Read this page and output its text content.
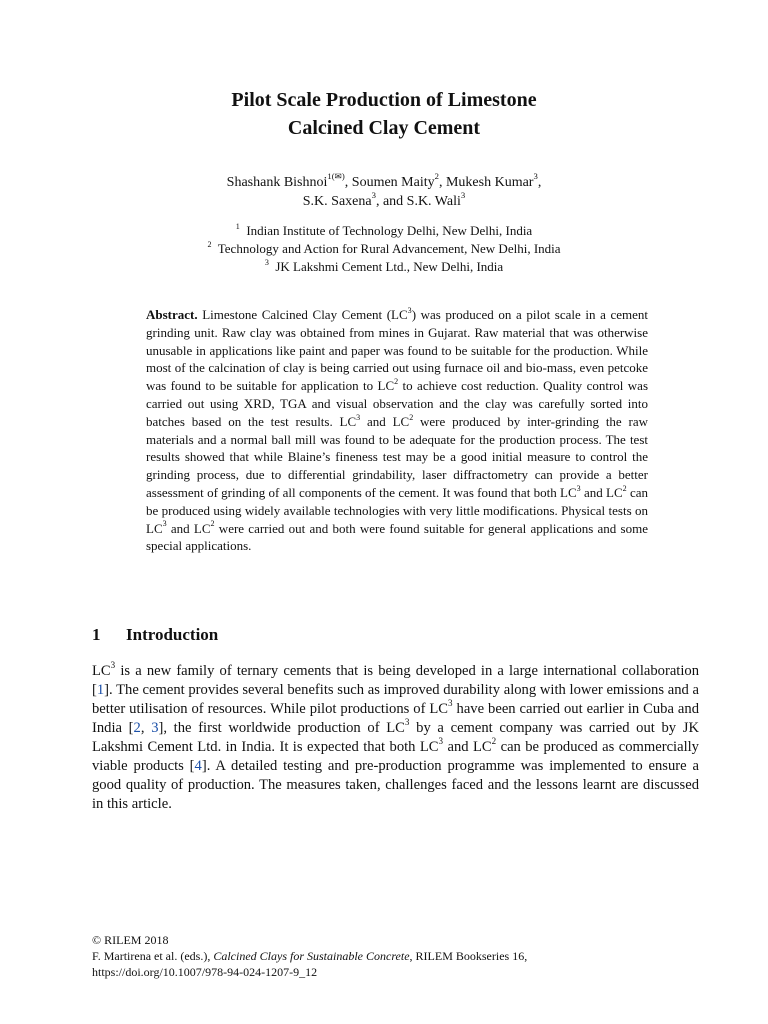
Pilot Scale Production of Limestone
Calcined Clay Cement
Shashank Bishnoi$^{1(✉)}$, Soumen Maity$^2$, Mukesh Kumar$^3$,
S.K. Saxena$^3$, and S.K. Wali$^3$
$^1$ Indian Institute of Technology Delhi, New Delhi, India
$^2$ Technology and Action for Rural Advancement, New Delhi, India
$^3$ JK Lakshmi Cement Ltd., New Delhi, India
Abstract. Limestone Calcined Clay Cement $(LC^3)$ was produced on a pilot scale in a cement grinding unit. Raw clay was obtained from mines in Gujarat. Raw material that was otherwise unusable in applications like paint and paper was found to be suitable for the production. While most of the calcination of clay is being carried out using furnace oil and bio-mass, even petcoke was found to be suitable for application to $LC^2$ to achieve cost reduction. Quality control was carried out using XRD, TGA and visual observation and the clay was carefully sorted into batches based on the test results. $LC^3$ and $LC^2$ were produced by inter-grinding the raw materials and a normal ball mill was found to be adequate for the production process. The test results showed that while Blaine’s fineness test may be a good initial measure to control the grinding process, due to differential grindability, laser diffractometry can provide a better assessment of grinding of all components of the cement. It was found that both $LC^3$ and $LC^2$ can be produced using widely available technologies with very little modifications. Physical tests on $LC^3$ and $LC^2$ were carried out and both were found suitable for general applications and some special applications.
1 Introduction
$LC^3$ is a new family of ternary cements that is being developed in a large international collaboration [1]. The cement provides several benefits such as improved durability along with lower emissions and a better utilisation of resources. While pilot productions of $LC^3$ have been carried out earlier in Cuba and India [2, 3], the first worldwide production of $LC^3$ by a cement company was carried out by JK Lakshmi Cement Ltd. in India. It is expected that both $LC^3$ and $LC^2$ can be produced as commercially viable products [4]. A detailed testing and pre-production programme was implemented to ensure a good quality of production. The measures taken, challenges faced and the lessons learnt are discussed in this article.
© RILEM 2018
F. Martirena et al. (eds.), Calcined Clays for Sustainable Concrete, RILEM Bookseries 16,
https://doi.org/10.1007/978-94-024-1207-9_12
